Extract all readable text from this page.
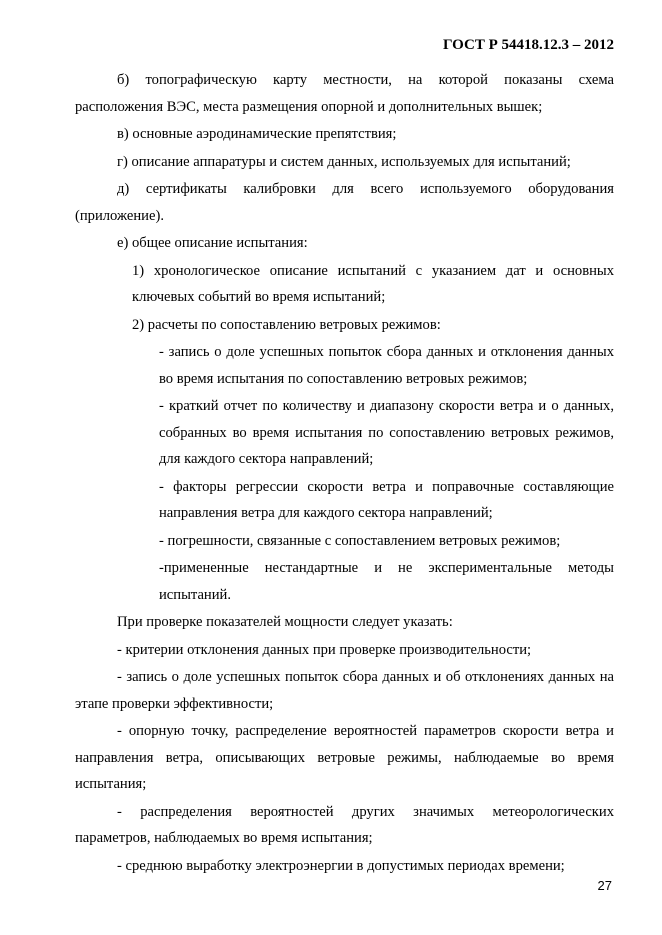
ГОСТ Р 54418.12.3 – 2012

б) топографическую карту местности, на которой показаны схема расположения ВЭС, места размещения опорной и дополнительных вышек;

в) основные аэродинамические препятствия;

г) описание аппаратуры и систем данных, используемых для испытаний;

д) сертификаты калибровки для всего используемого оборудования (приложение).

е) общее описание испытания:

1) хронологическое описание испытаний с указанием дат и основных ключевых событий во время испытаний;

2) расчеты по сопоставлению ветровых режимов:

- запись о доле успешных попыток сбора данных и отклонения данных во время испытания по сопоставлению ветровых режимов;

- краткий отчет по количеству и диапазону скорости ветра и о данных, собранных во время испытания по сопоставлению ветровых режимов, для каждого сектора направлений;

- факторы регрессии скорости ветра и поправочные составляющие направления ветра для каждого сектора направлений;

- погрешности, связанные с сопоставлением ветровых режимов;

-примененные нестандартные и не экспериментальные методы испытаний.

При проверке показателей мощности следует указать:

- критерии отклонения данных при проверке производительности;

- запись о доле успешных попыток сбора данных и об отклонениях данных на этапе проверки эффективности;

- опорную точку, распределение вероятностей параметров скорости ветра и направления ветра, описывающих ветровые режимы, наблюдаемые во время испытания;

- распределения вероятностей других значимых метеорологических параметров, наблюдаемых во время испытания;

- среднюю выработку электроэнергии в допустимых периодах времени;

27
